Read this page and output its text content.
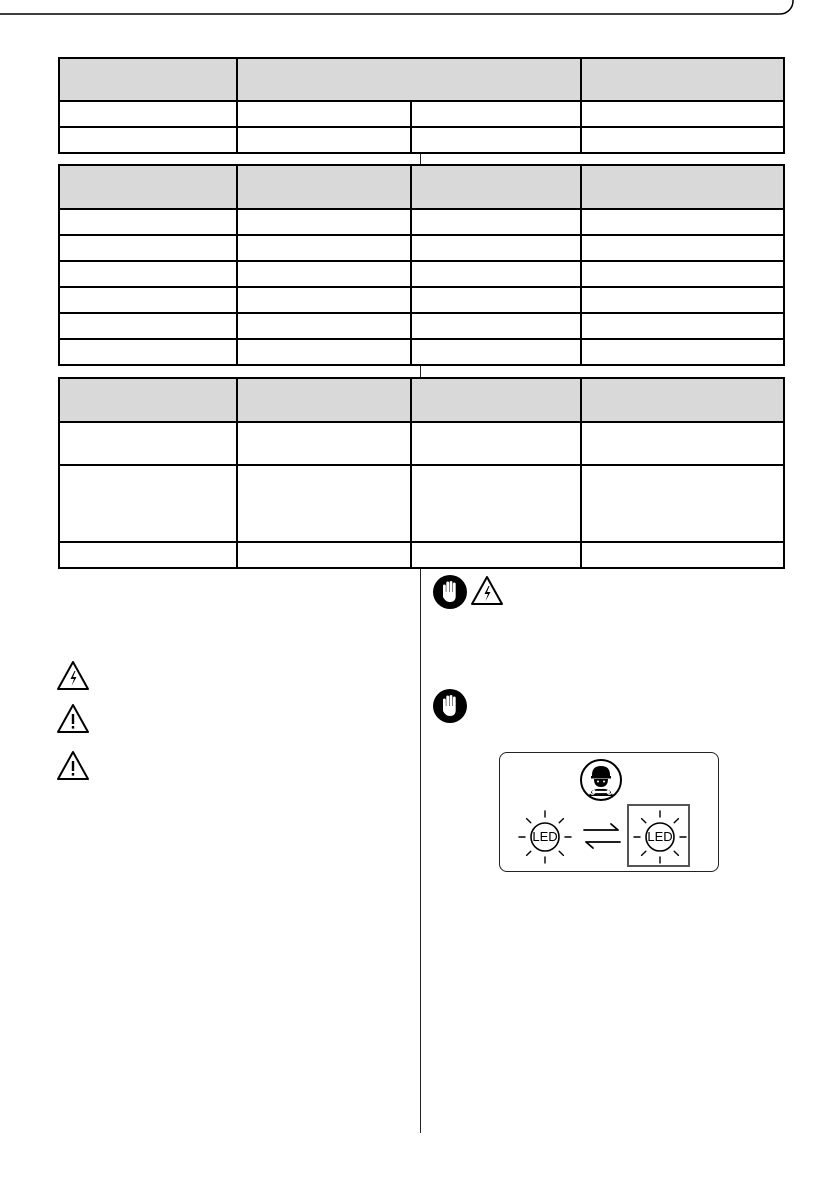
LED	LED
